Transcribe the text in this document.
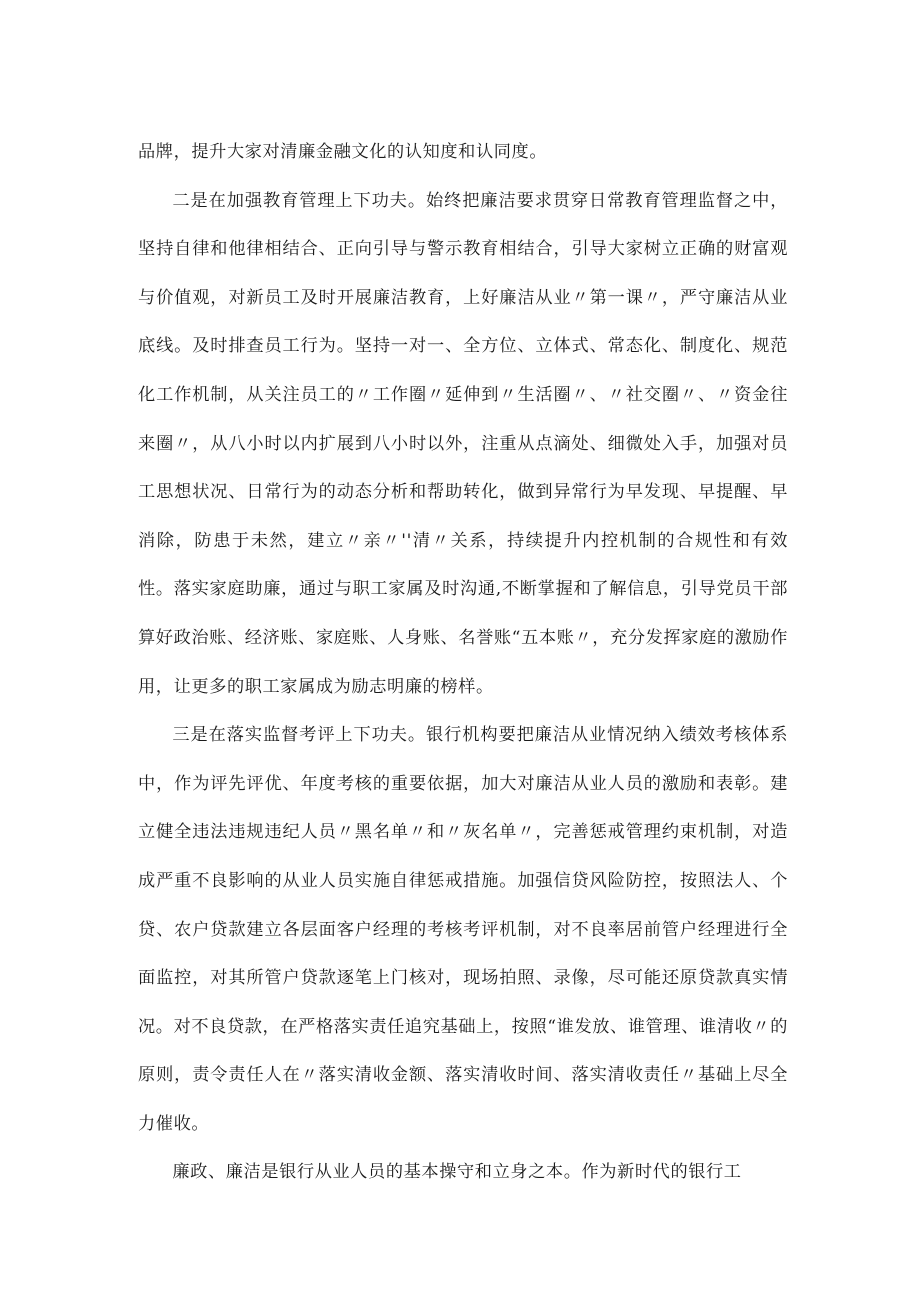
品牌，提升大家对清廉金融文化的认知度和认同度。

二是在加强教育管理上下功夫。始终把廉洁要求贯穿日常教育管理监督之中，坚持自律和他律相结合、正向引导与警示教育相结合，引导大家树立正确的财富观与价值观，对新员工及时开展廉洁教育，上好廉洁从业〃第一课〃，严守廉洁从业底线。及时排查员工行为。坚持一对一、全方位、立体式、常态化、制度化、规范化工作机制，从关注员工的〃工作圈〃延伸到〃生活圈〃、〃社交圈〃、〃资金往来圈〃，从八小时以内扩展到八小时以外，注重从点滴处、细微处入手，加强对员工思想状况、日常行为的动态分析和帮助转化，做到异常行为早发现、早提醒、早消除，防患于未然，建立〃亲〃''清〃关系，持续提升内控机制的合规性和有效性。落实家庭助廉，通过与职工家属及时沟通,不断掌握和了解信息，引导党员干部算好政治账、经济账、家庭账、人身账、名誉账“五本账〃，充分发挥家庭的激励作用，让更多的职工家属成为励志明廉的榜样。

三是在落实监督考评上下功夫。银行机构要把廉洁从业情况纳入绩效考核体系中，作为评先评优、年度考核的重要依据，加大对廉洁从业人员的激励和表彰。建立健全违法违规违纪人员〃黑名单〃和〃灰名单〃，完善惩戒管理约束机制，对造成严重不良影响的从业人员实施自律惩戒措施。加强信贷风险防控，按照法人、个贷、农户贷款建立各层面客户经理的考核考评机制，对不良率居前管户经理进行全面监控，对其所管户贷款逐笔上门核对，现场拍照、录像，尽可能还原贷款真实情况。对不良贷款，在严格落实责任追究基础上，按照“谁发放、谁管理、谁清收〃的原则，责令责任人在〃落实清收金额、落实清收时间、落实清收责任〃基础上尽全力催收。

廉政、廉洁是银行从业人员的基本操守和立身之本。作为新时代的银行工
